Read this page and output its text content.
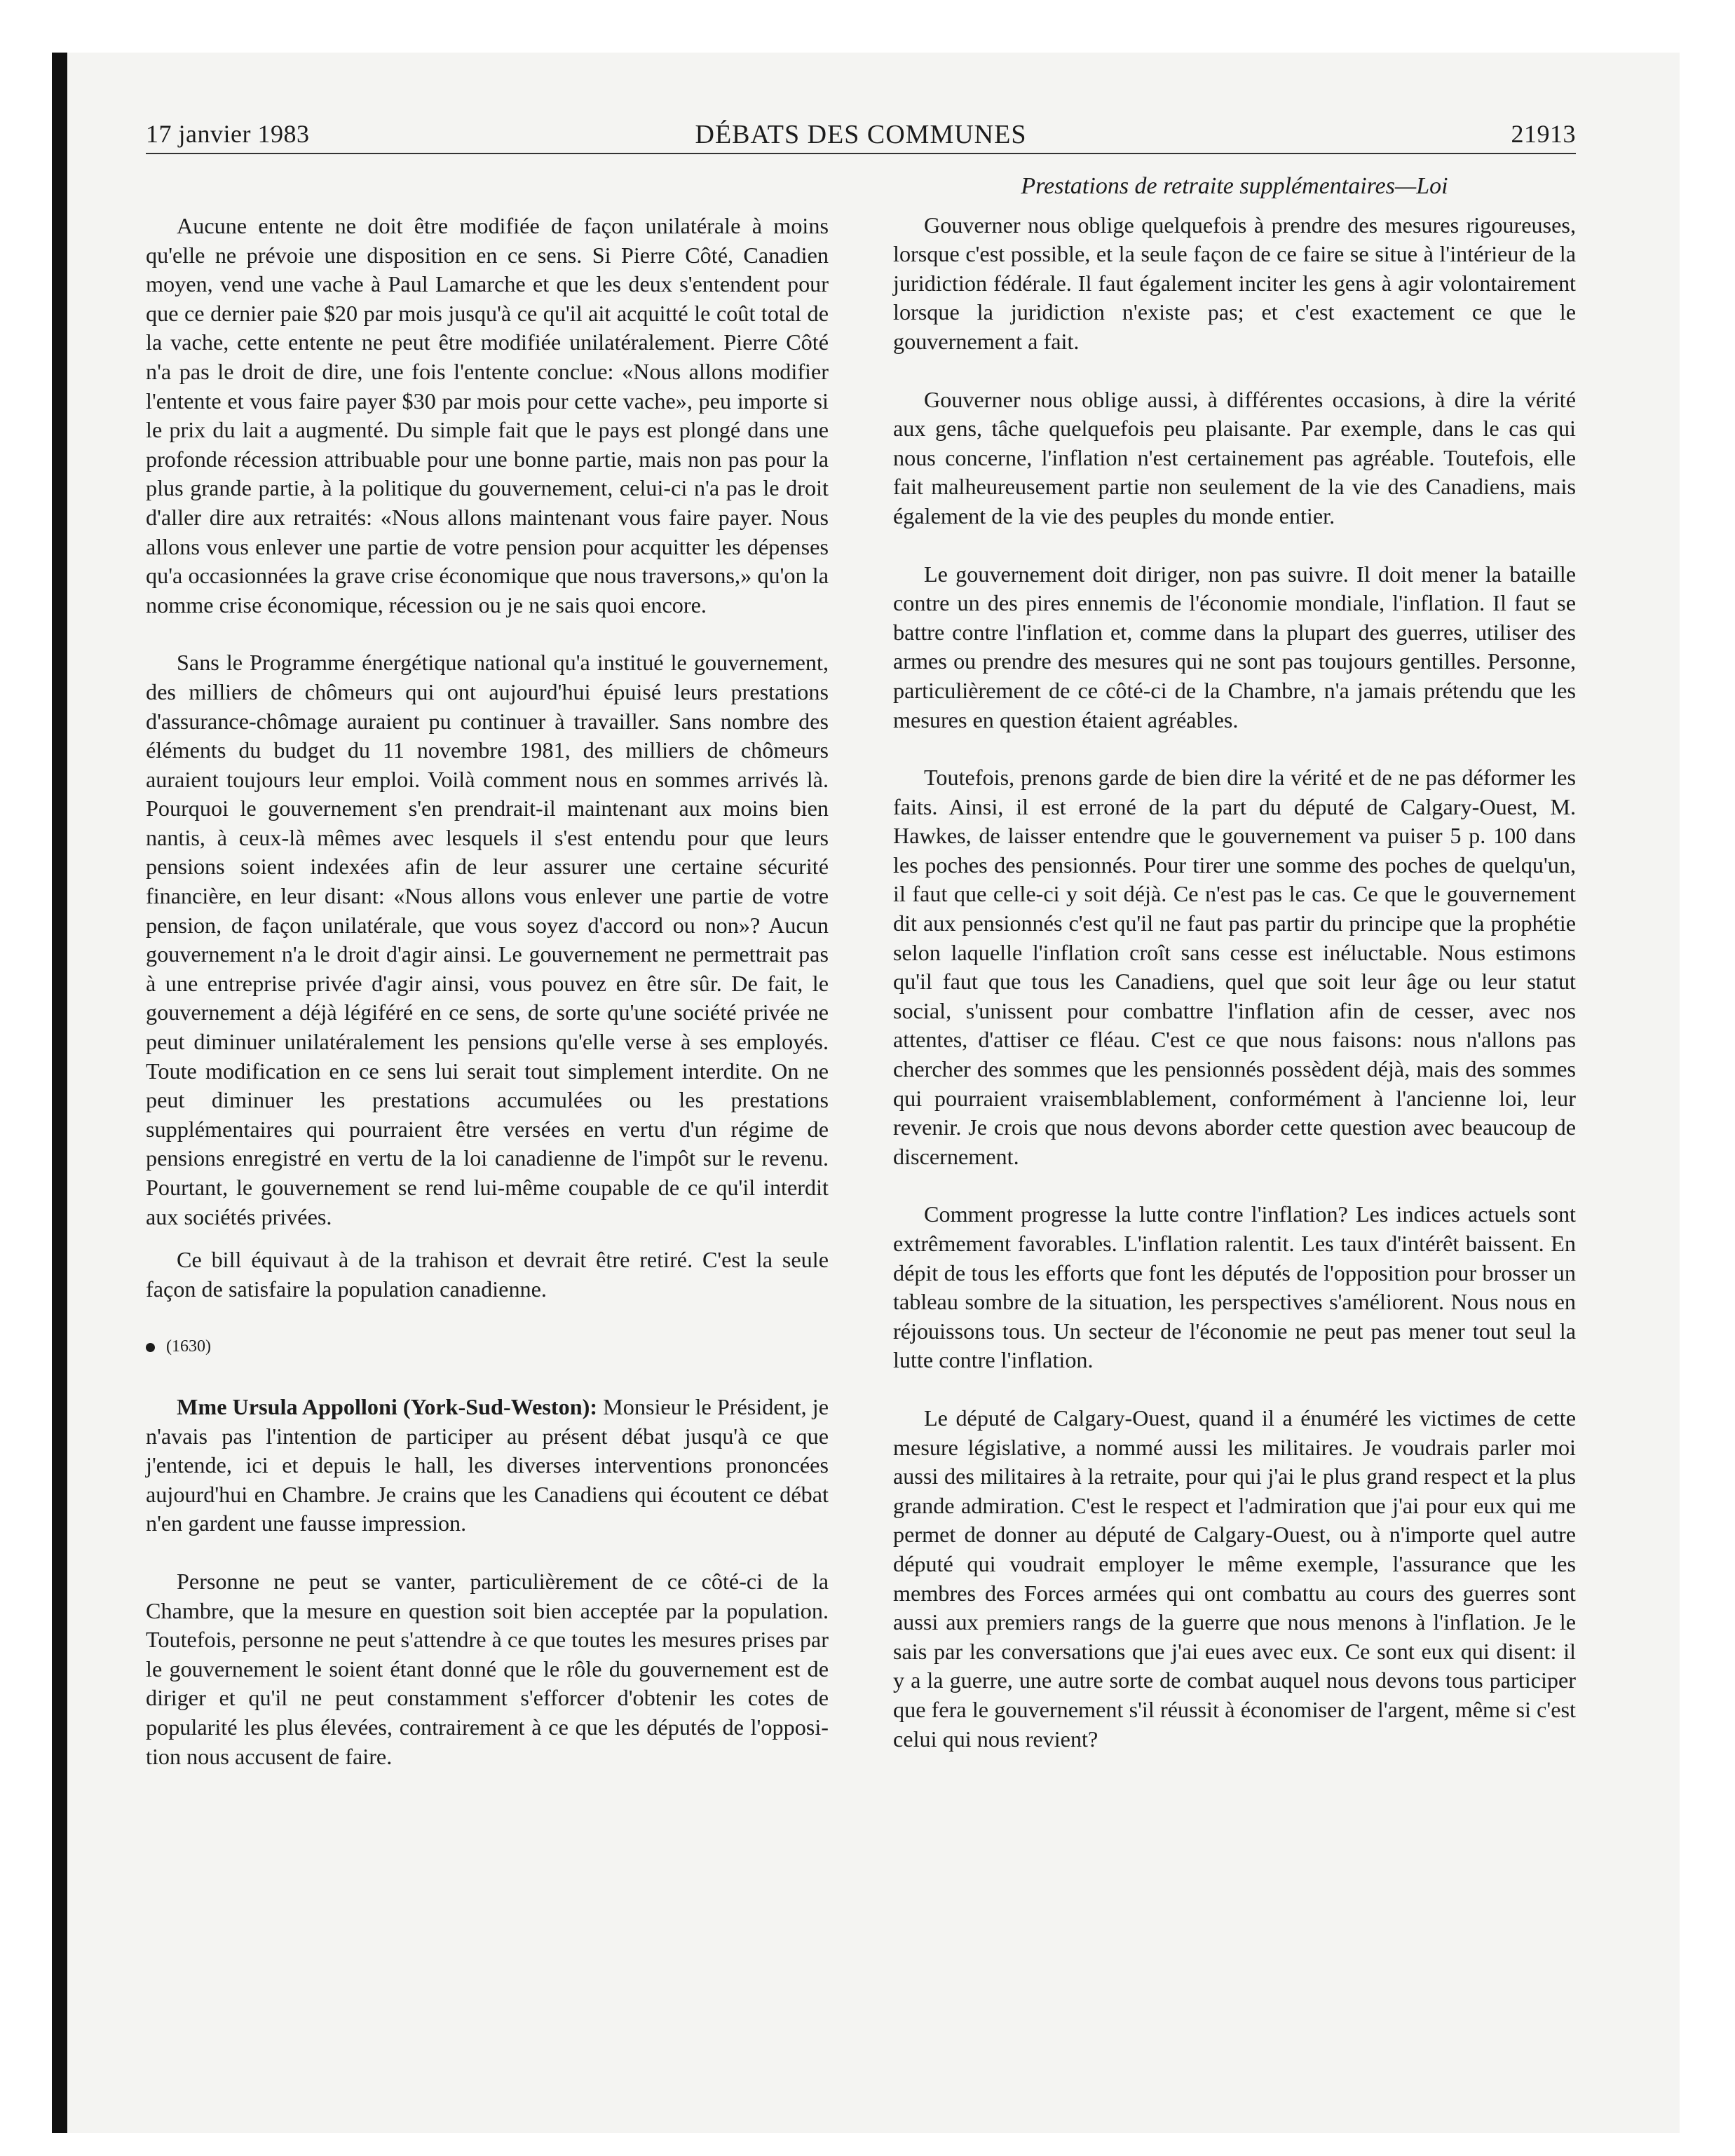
17 janvier 1983	DÉBATS DES COMMUNES	21913

Aucune entente ne doit être modifiée de façon unilatérale à moins qu'elle ne prévoie une disposition en ce sens. Si Pierre Côté, Canadien moyen, vend une vache à Paul Lamarche et que les deux s'entendent pour que ce dernier paie $20 par mois jusqu'à ce qu'il ait acquitté le coût total de la vache, cette entente ne peut être modifiée unilatéralement. Pierre Côté n'a pas le droit de dire, une fois l'entente conclue: «Nous allons modifier l'entente et vous faire payer $30 par mois pour cette vache», peu importe si le prix du lait a augmenté. Du simple fait que le pays est plongé dans une profonde récession attribuable pour une bonne partie, mais non pas pour la plus grande partie, à la politique du gouvernement, celui-ci n'a pas le droit d'aller dire aux retraités: «Nous allons maintenant vous faire payer. Nous allons vous enlever une partie de votre pension pour acquitter les dépenses qu'a occasionnées la grave crise économique que nous traversons,» qu'on la nomme crise économique, récession ou je ne sais quoi encore.

Sans le Programme énergétique national qu'a institué le gouvernement, des milliers de chômeurs qui ont aujourd'hui épuisé leurs prestations d'assurance-chômage auraient pu continuer à travailler. Sans nombre des éléments du budget du 11 novembre 1981, des milliers de chômeurs auraient toujours leur emploi. Voilà comment nous en sommes arrivés là. Pourquoi le gouvernement s'en prendrait-il maintenant aux moins bien nantis, à ceux-là mêmes avec lesquels il s'est entendu pour que leurs pensions soient indexées afin de leur assurer une certaine sécurité financière, en leur disant: «Nous allons vous enlever une partie de votre pension, de façon unilatérale, que vous soyez d'accord ou non»? Aucun gouvernement n'a le droit d'agir ainsi. Le gouvernement ne permettrait pas à une entreprise privée d'agir ainsi, vous pouvez en être sûr. De fait, le gouvernement a déjà légiféré en ce sens, de sorte qu'une société privée ne peut diminuer unilatéralement les pensions qu'elle verse à ses employés. Toute modification en ce sens lui serait tout simplement interdite. On ne peut diminuer les prestations accumulées ou les prestations supplémentaires qui pourraient être versées en vertu d'un régime de pensions enregistré en vertu de la loi canadienne de l'impôt sur le revenu. Pourtant, le gouvernement se rend lui-même coupable de ce qu'il interdit aux sociétés privées.

Ce bill équivaut à de la trahison et devrait être retiré. C'est la seule façon de satisfaire la population canadienne.

(1630)

Mme Ursula Appolloni (York-Sud-Weston): Monsieur le Président, je n'avais pas l'intention de participer au présent débat jusqu'à ce que j'entende, ici et depuis le hall, les diverses interventions prononcées aujourd'hui en Chambre. Je crains que les Canadiens qui écoutent ce débat n'en gardent une fausse impression.

Personne ne peut se vanter, particulièrement de ce côté-ci de la Chambre, que la mesure en question soit bien acceptée par la population. Toutefois, personne ne peut s'attendre à ce que toutes les mesures prises par le gouvernement le soient étant donné que le rôle du gouvernement est de diriger et qu'il ne peut constamment s'efforcer d'obtenir les cotes de popularité les plus élevées, contrairement à ce que les députés de l'opposition nous accusent de faire.

Prestations de retraite supplémentaires—Loi

Gouverner nous oblige quelquefois à prendre des mesures rigoureuses, lorsque c'est possible, et la seule façon de ce faire se situe à l'intérieur de la juridiction fédérale. Il faut également inciter les gens à agir volontairement lorsque la juridiction n'existe pas; et c'est exactement ce que le gouvernement a fait.

Gouverner nous oblige aussi, à différentes occasions, à dire la vérité aux gens, tâche quelquefois peu plaisante. Par exemple, dans le cas qui nous concerne, l'inflation n'est certainement pas agréable. Toutefois, elle fait malheureusement partie non seulement de la vie des Canadiens, mais également de la vie des peuples du monde entier.

Le gouvernement doit diriger, non pas suivre. Il doit mener la bataille contre un des pires ennemis de l'économie mondiale, l'inflation. Il faut se battre contre l'inflation et, comme dans la plupart des guerres, utiliser des armes ou prendre des mesures qui ne sont pas toujours gentilles. Personne, particulièrement de ce côté-ci de la Chambre, n'a jamais prétendu que les mesures en question étaient agréables.

Toutefois, prenons garde de bien dire la vérité et de ne pas déformer les faits. Ainsi, il est erroné de la part du député de Calgary-Ouest, M. Hawkes, de laisser entendre que le gouvernement va puiser 5 p. 100 dans les poches des pensionnés. Pour tirer une somme des poches de quelqu'un, il faut que celle-ci y soit déjà. Ce n'est pas le cas. Ce que le gouvernement dit aux pensionnés c'est qu'il ne faut pas partir du principe que la prophétie selon laquelle l'inflation croît sans cesse est inéluctable. Nous estimons qu'il faut que tous les Canadiens, quel que soit leur âge ou leur statut social, s'unissent pour combattre l'inflation afin de cesser, avec nos attentes, d'attiser ce fléau. C'est ce que nous faisons: nous n'allons pas chercher des sommes que les pensionnés possèdent déjà, mais des sommes qui pourraient vraisemblablement, conformément à l'ancienne loi, leur revenir. Je crois que nous devons aborder cette question avec beaucoup de discernement.

Comment progresse la lutte contre l'inflation? Les indices actuels sont extrêmement favorables. L'inflation ralentit. Les taux d'intérêt baissent. En dépit de tous les efforts que font les députés de l'opposition pour brosser un tableau sombre de la situation, les perspectives s'améliorent. Nous nous en réjouissons tous. Un secteur de l'économie ne peut pas mener tout seul la lutte contre l'inflation.

Le député de Calgary-Ouest, quand il a énuméré les victimes de cette mesure législative, a nommé aussi les militaires. Je voudrais parler moi aussi des militaires à la retraite, pour qui j'ai le plus grand respect et la plus grande admiration. C'est le respect et l'admiration que j'ai pour eux qui me permet de donner au député de Calgary-Ouest, ou à n'importe quel autre député qui voudrait employer le même exemple, l'assurance que les membres des Forces armées qui ont combattu au cours des guerres sont aussi aux premiers rangs de la guerre que nous menons à l'inflation. Je le sais par les conversations que j'ai eues avec eux. Ce sont eux qui disent: il y a la guerre, une autre sorte de combat auquel nous devons tous participer que fera le gouvernement s'il réussit à économiser de l'argent, même si c'est celui qui nous revient?
